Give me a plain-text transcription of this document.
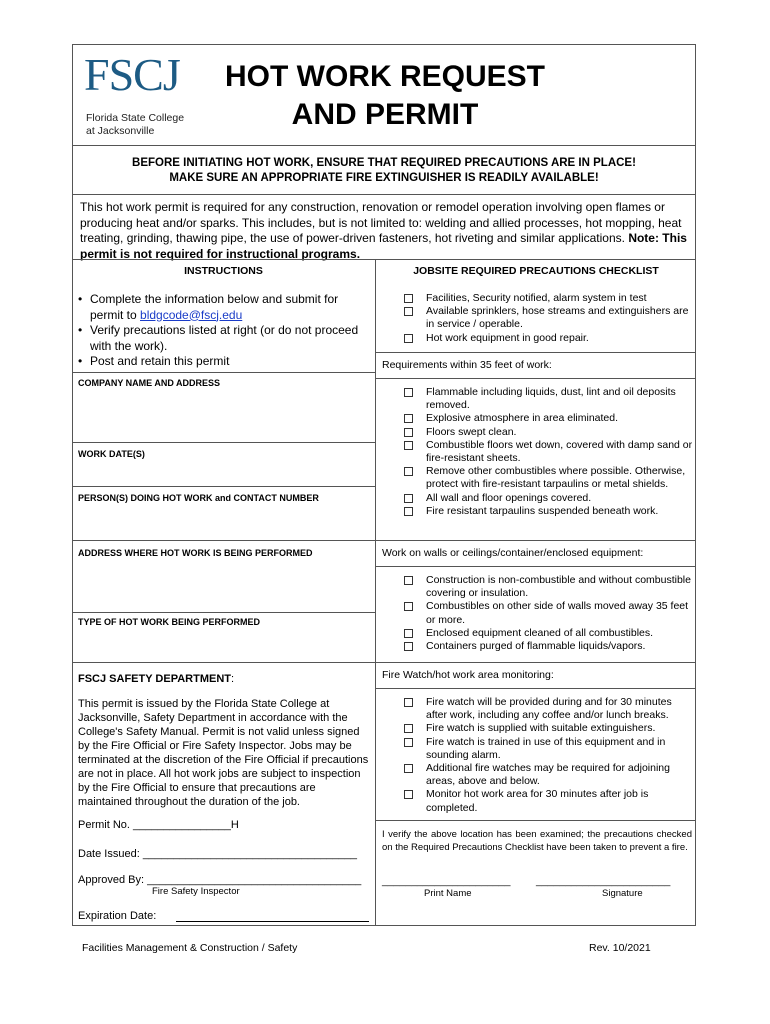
FSCJ
Florida State College
at Jacksonville
HOT WORK REQUEST
AND PERMIT
BEFORE INITIATING HOT WORK, ENSURE THAT REQUIRED PRECAUTIONS ARE IN PLACE!
MAKE SURE AN APPROPRIATE FIRE EXTINGUISHER IS READILY AVAILABLE!
This hot work permit is required for any construction, renovation or remodel operation involving open flames or producing heat and/or sparks. This includes, but is not limited to: welding and allied processes, hot mopping, heat treating, grinding, thawing pipe, the use of power-driven fasteners, hot riveting and similar applications. Note: This permit is not required for instructional programs.
INSTRUCTIONS	JOBSITE REQUIRED PRECAUTIONS CHECKLIST
• Complete the information below and submit for permit to bldgcode@fscj.edu
• Verify precautions listed at right (or do not proceed with the work).
• Post and retain this permit
COMPANY NAME AND ADDRESS
WORK DATE(S)
PERSON(S) DOING HOT WORK and CONTACT NUMBER
ADDRESS WHERE HOT WORK IS BEING PERFORMED
TYPE OF HOT WORK BEING PERFORMED
Facilities, Security notified, alarm system in test
Available sprinklers, hose streams and extinguishers are in service / operable.
Hot work equipment in good repair.
Requirements within 35 feet of work:
Flammable including liquids, dust, lint and oil deposits removed.
Explosive atmosphere in area eliminated.
Floors swept clean.
Combustible floors wet down, covered with damp sand or fire-resistant sheets.
Remove other combustibles where possible. Otherwise, protect with fire-resistant tarpaulins or metal shields.
All wall and floor openings covered.
Fire resistant tarpaulins suspended beneath work.
Work on walls or ceilings/container/enclosed equipment:
Construction is non-combustible and without combustible covering or insulation.
Combustibles on other side of walls moved away 35 feet or more.
Enclosed equipment cleaned of all combustibles.
Containers purged of flammable liquids/vapors.
Fire Watch/hot work area monitoring:
Fire watch will be provided during and for 30 minutes after work, including any coffee and/or lunch breaks.
Fire watch is supplied with suitable extinguishers.
Fire watch is trained in use of this equipment and in sounding alarm.
Additional fire watches may be required for adjoining areas, above and below.
Monitor hot work area for 30 minutes after job is completed.
FSCJ SAFETY DEPARTMENT:
This permit is issued by the Florida State College at Jacksonville, Safety Department in accordance with the College's Safety Manual. Permit is not valid unless signed by the Fire Official or Fire Safety Inspector. Jobs may be terminated at the discretion of the Fire Official if precautions are not in place. All hot work jobs are subject to inspection by the Fire Official to ensure that precautions are maintained throughout the duration of the job.
Permit No. ________________H
Date Issued: ___________________________________
Approved By: ___________________________________
Fire Safety Inspector
Expiration Date:
I verify the above location has been examined; the precautions checked on the Required Precautions Checklist have been taken to prevent a fire.
______________________
Print Name
_______________________
Signature
Facilities Management & Construction / Safety	Rev. 10/2021
